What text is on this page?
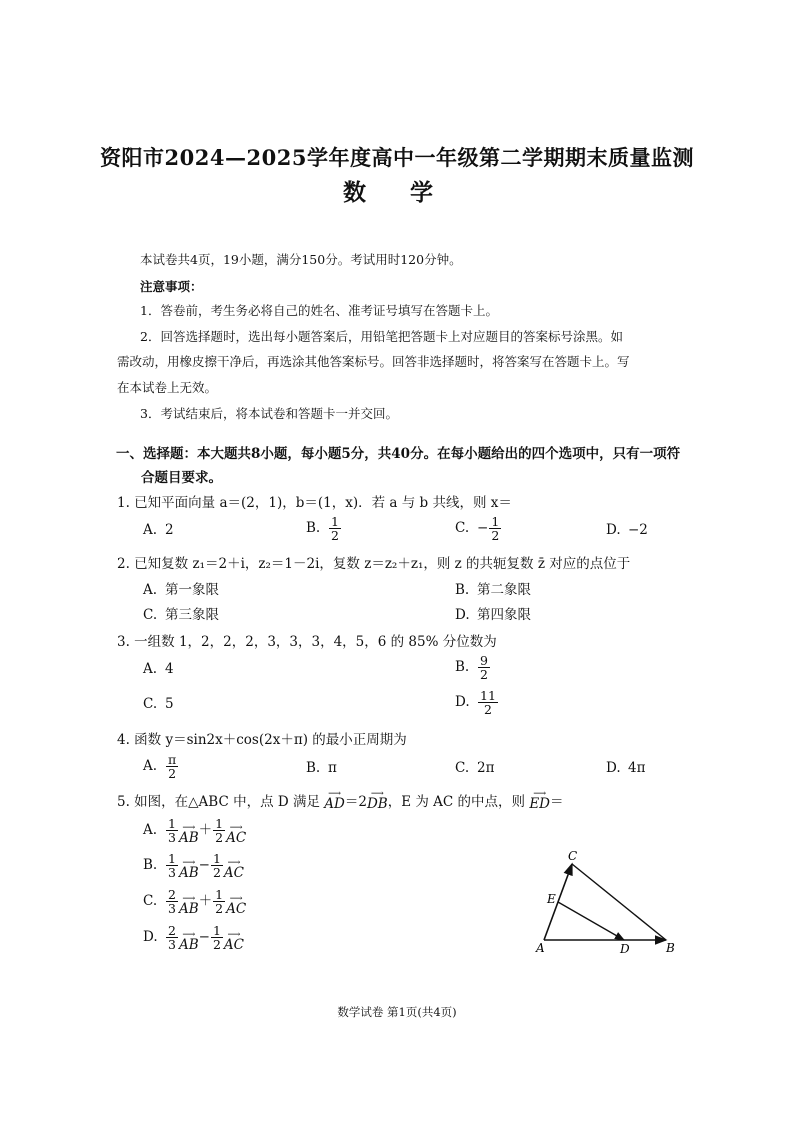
资阳市2024—2025学年度高中一年级第二学期期末质量监测
数 学
本试卷共4页，19小题，满分150分。考试用时120分钟。
注意事项：
1．答卷前，考生务必将自己的姓名、准考证号填写在答题卡上。
2．回答选择题时，选出每小题答案后，用铅笔把答题卡上对应题目的答案标号涂黑。如
需改动，用橡皮擦干净后，再选涂其他答案标号。回答非选择题时，将答案写在答题卡上。写
在本试卷上无效。
3．考试结束后，将本试卷和答题卡一并交回。
一、选择题：本大题共8小题，每小题5分，共40分。在每小题给出的四个选项中，只有一项符
合题目要求。
1. 已知平面向量 a＝(2，1)，b＝(1，x)．若 a 与 b 共线，则 x＝
A. 2	B. $\frac{1}{2}$	C. − $\frac{1}{2}$	D. −2
2. 已知复数 z₁＝2＋i，z₂＝1－2i，复数 z＝z₂＋z₁，则 z 的共轭复数 z̄ 对应的点位于
A. 第一象限	B. 第二象限
C. 第三象限	D. 第四象限
3. 一组数 1，2，2，2，3，3，3，4，5，6 的 85% 分位数为
A. 4	B. $\frac{9}{2}$
C. 5	D. $\frac{11}{2}$
4. 函数 y＝sin2x＋cos(2x＋π) 的最小正周期为
A. $\frac{\pi}{2}$	B. π	C. 2π	D. 4π
5. 如图，在△ABC 中，点 D 满足
⟶
AD ＝2
⟶
DB ，E 为 AC 的中点，则
⟶
ED ＝
A. $\frac{1}{3}$ ⟶
AB ＋ $\frac{1}{2}$ ⟶
AC
B. $\frac{1}{3}$ ⟶
AB − $\frac{1}{2}$ ⟶
AC
C. $\frac{2}{3}$ ⟶
AB ＋ $\frac{1}{2}$ ⟶
AC
D. $\frac{2}{3}$ ⟶
AB − $\frac{1}{2}$ ⟶
AC	A	B
C
D
E
数学试卷 第1页(共4页)
